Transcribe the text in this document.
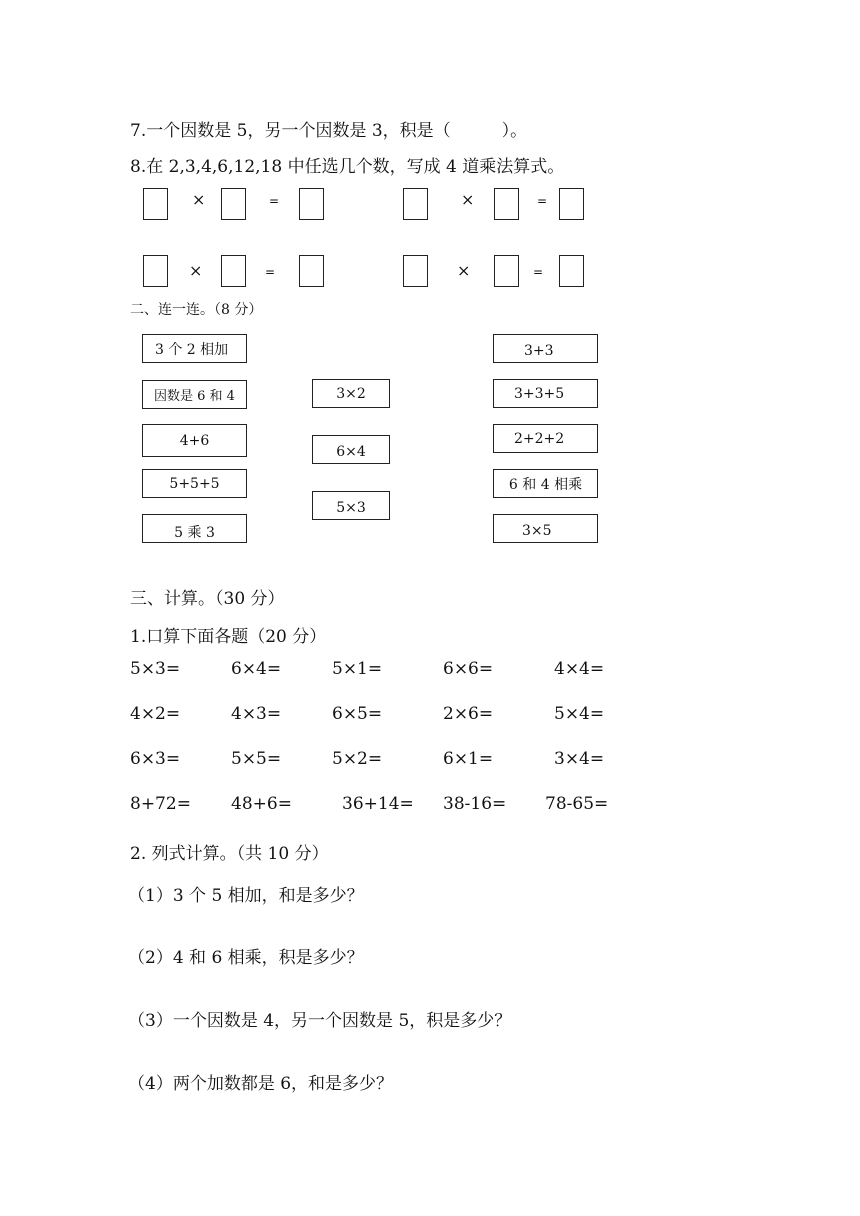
7.一个因数是 5，另一个因数是 3，积是（　　　）。
8.在 2,3,4,6,12,18 中任选几个数，写成 4 道乘法算式。
×	=	×	=
×	=	×	=
二、连一连。（8 分）
3 个 2 相加
因数是 6 和 4
4+6
5+5+5
5 乘 3
3×2
6×4
5×3
3+3
3+3+5
2+2+2
6 和 4 相乘
3×5
三、计算。（30 分）
1.口算下面各题（20 分）
5×3=	6×4=	5×1=	6×6=	4×4=
4×2=	4×3=	6×5=	2×6=	5×4=
6×3=	5×5=	5×2=	6×1=	3×4=
8+72= 48+6=	36+14= 38-16= 78-65=
2. 列式计算。（共 10 分）
（1）3 个 5 相加，和是多少？
（2）4 和 6 相乘，积是多少？
（3）一个因数是 4，另一个因数是 5，积是多少？
（4）两个加数都是 6，和是多少？
